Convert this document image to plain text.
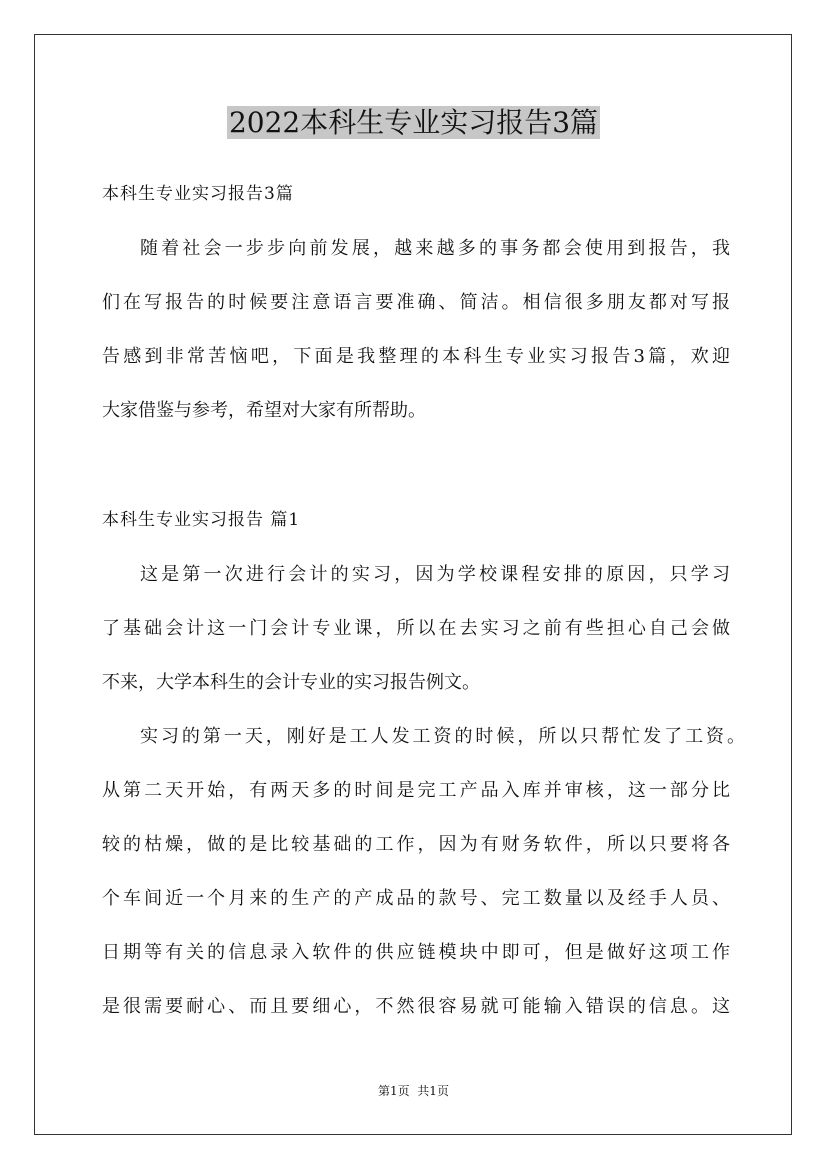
2022本科生专业实习报告3篇
本科生专业实习报告3篇
随着社会一步步向前发展，越来越多的事务都会使用到报告，我
们在写报告的时候要注意语言要准确、简洁。相信很多朋友都对写报
告感到非常苦恼吧，下面是我整理的本科生专业实习报告3篇，欢迎
大家借鉴与参考，希望对大家有所帮助。
本科生专业实习报告 篇1
这是第一次进行会计的实习，因为学校课程安排的原因，只学习
了基础会计这一门会计专业课，所以在去实习之前有些担心自己会做
不来，大学本科生的会计专业的实习报告例文。
实习的第一天，刚好是工人发工资的时候，所以只帮忙发了工资。
从第二天开始，有两天多的时间是完工产品入库并审核，这一部分比
较的枯燥，做的是比较基础的工作，因为有财务软件，所以只要将各
个车间近一个月来的生产的产成品的款号、完工数量以及经手人员、
日期等有关的信息录入软件的供应链模块中即可，但是做好这项工作
是很需要耐心、而且要细心，不然很容易就可能输入错误的信息。这
第1页  共1页
